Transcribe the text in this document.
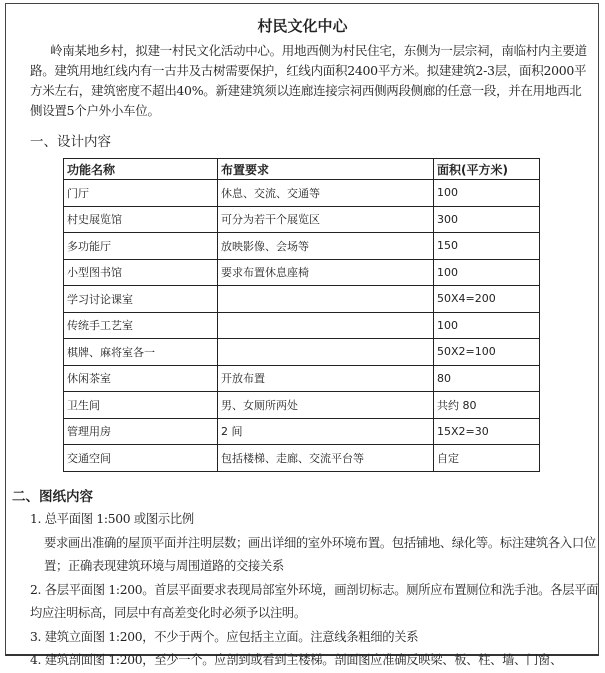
村民文化中心
岭南某地乡村，拟建一村民文化活动中心。用地西侧为村民住宅，东侧为一层宗祠，南临村内主要道路。建筑用地红线内有一古井及古树需要保护，红线内面积2400平方米。拟建建筑2-3层，面积2000平方米左右，建筑密度不超出40%。新建建筑须以连廊连接宗祠西侧两段侧廊的任意一段，并在用地西北侧设置5个户外小车位。
一、设计内容
功能名称	布置要求	面积(平方米)
门厅	休息、交流、交通等	100
村史展览馆	可分为若干个展览区	300
多功能厅	放映影像、会场等	150
小型图书馆	要求布置休息座椅	100
学习讨论课室		50X4=200
传统手工艺室		100
棋牌、麻将室各一		50X2=100
休闲茶室	开放布置	80
卫生间	男、女厕所两处	共约 80
管理用房	2 间	15X2=30
交通空间	包括楼梯、走廊、交流平台等	自定
二、图纸内容
1. 总平面图 1:500 或图示比例
要求画出准确的屋顶平面并注明层数；画出详细的室外环境布置。包括铺地、绿化等。标注建筑各入口位置；正确表现建筑环境与周围道路的交接关系
2. 各层平面图 1:200。首层平面要求表现局部室外环境，画剖切标志。厕所应布置厕位和洗手池。各层平面均应注明标高，同层中有高差变化时必须予以注明。
3. 建筑立面图 1:200，不少于两个。应包括主立面。注意线条粗细的关系
4. 建筑剖面图 1:200，至少一个。应剖到或看到主楼梯。剖面图应准确反映梁、板、柱、墙、门窗、
